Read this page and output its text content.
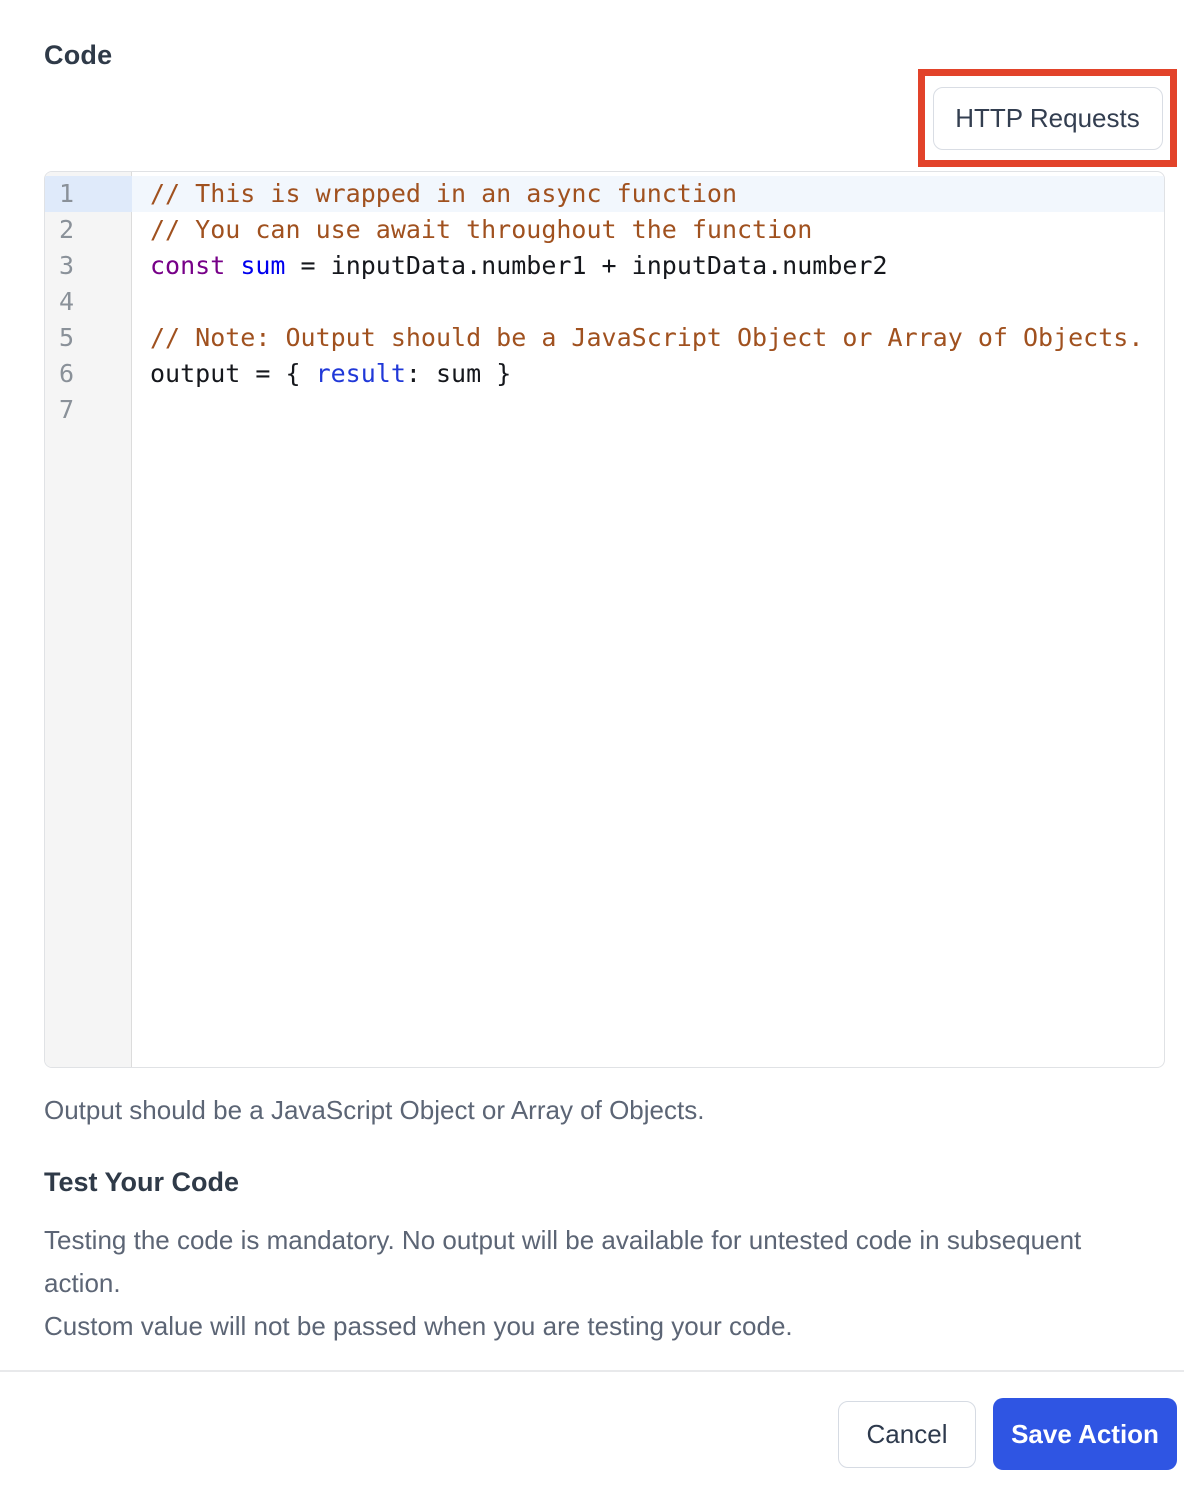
Code
HTTP Requests
1	// This is wrapped in an async function
2	// You can use await throughout the function
3	const sum = inputData.number1 + inputData.number2
4
5	// Note: Output should be a JavaScript Object or Array of Objects.
6	output = { result: sum }
7
Output should be a JavaScript Object or Array of Objects.
Test Your Code
Testing the code is mandatory. No output will be available for untested code in subsequent action.
Custom value will not be passed when you are testing your code.
Cancel	Save Action
